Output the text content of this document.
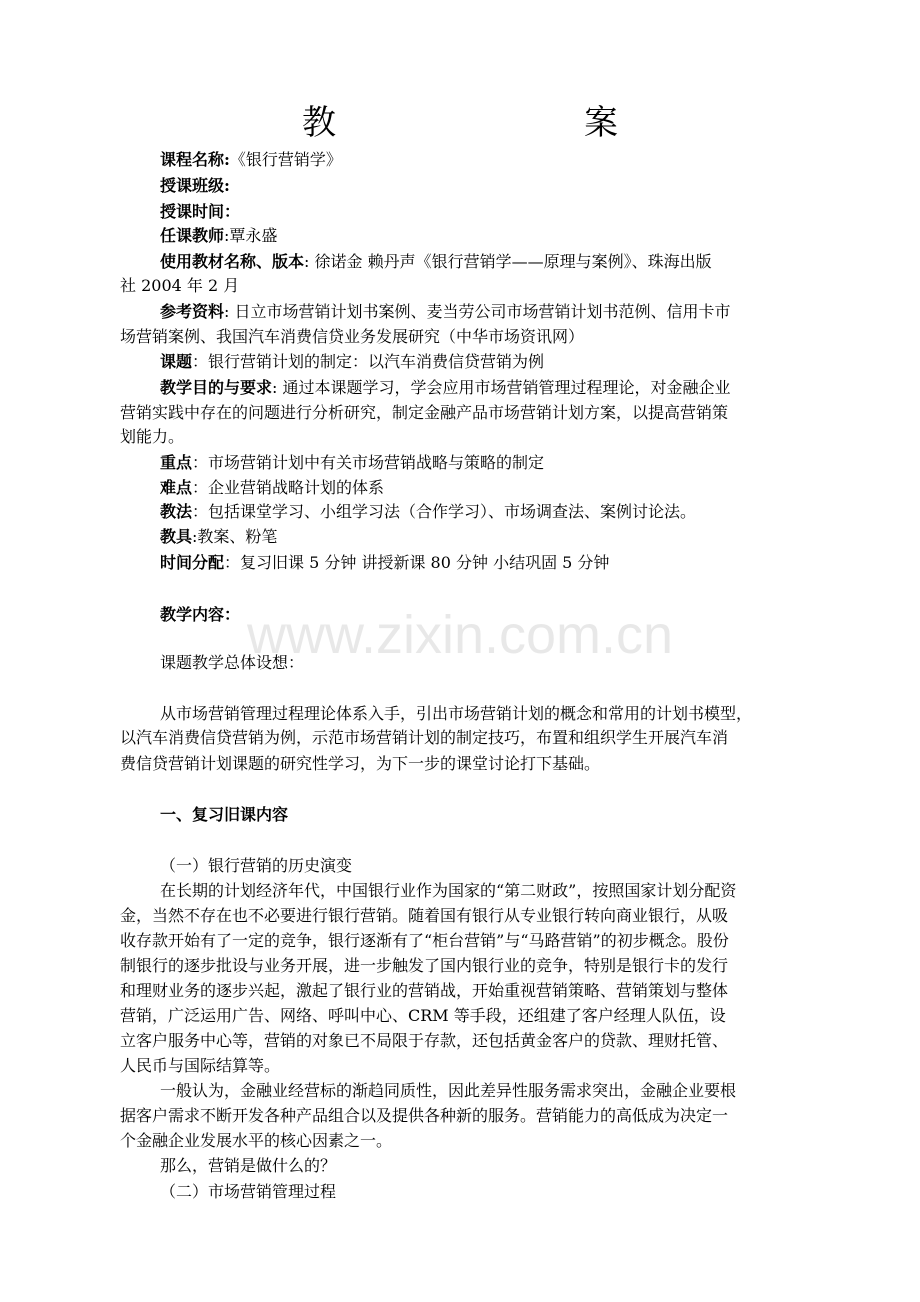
教　　案
课程名称:《银行营销学》
授课班级:
授课时间：
任课教师:覃永盛
使用教材名称、版本: 徐诺金 赖丹声《银行营销学——原理与案例》、珠海出版
社 2004 年 2 月
参考资料: 日立市场营销计划书案例、麦当劳公司市场营销计划书范例、信用卡市
场营销案例、我国汽车消费信贷业务发展研究（中华市场资讯网）
课题：银行营销计划的制定：以汽车消费信贷营销为例
教学目的与要求: 通过本课题学习，学会应用市场营销管理过程理论，对金融企业
营销实践中存在的问题进行分析研究，制定金融产品市场营销计划方案，以提高营销策
划能力。
重点：市场营销计划中有关市场营销战略与策略的制定
难点：企业营销战略计划的体系
教法：包括课堂学习、小组学习法（合作学习）、市场调查法、案例讨论法。
教具:教案、粉笔
时间分配：复习旧课 5 分钟 讲授新课 80 分钟 小结巩固 5 分钟
教学内容： www.zixin.com.cn
课题教学总体设想：
从市场营销管理过程理论体系入手，引出市场营销计划的概念和常用的计划书模型，
以汽车消费信贷营销为例，示范市场营销计划的制定技巧，布置和组织学生开展汽车消
费信贷营销计划课题的研究性学习，为下一步的课堂讨论打下基础。
一、复习旧课内容
（一）银行营销的历史演变
在长期的计划经济年代，中国银行业作为国家的“第二财政”，按照国家计划分配资
金，当然不存在也不必要进行银行营销。随着国有银行从专业银行转向商业银行，从吸
收存款开始有了一定的竞争，银行逐渐有了“柜台营销”与“马路营销”的初步概念。股份
制银行的逐步批设与业务开展，进一步触发了国内银行业的竞争，特别是银行卡的发行
和理财业务的逐步兴起，激起了银行业的营销战，开始重视营销策略、营销策划与整体
营销，广泛运用广告、网络、呼叫中心、CRM 等手段，还组建了客户经理人队伍，设
立客户服务中心等，营销的对象已不局限于存款，还包括黄金客户的贷款、理财托管、
人民币与国际结算等。
一般认为，金融业经营标的渐趋同质性，因此差异性服务需求突出，金融企业要根
据客户需求不断开发各种产品组合以及提供各种新的服务。营销能力的高低成为决定一
个金融企业发展水平的核心因素之一。
那么，营销是做什么的？
（二）市场营销管理过程
